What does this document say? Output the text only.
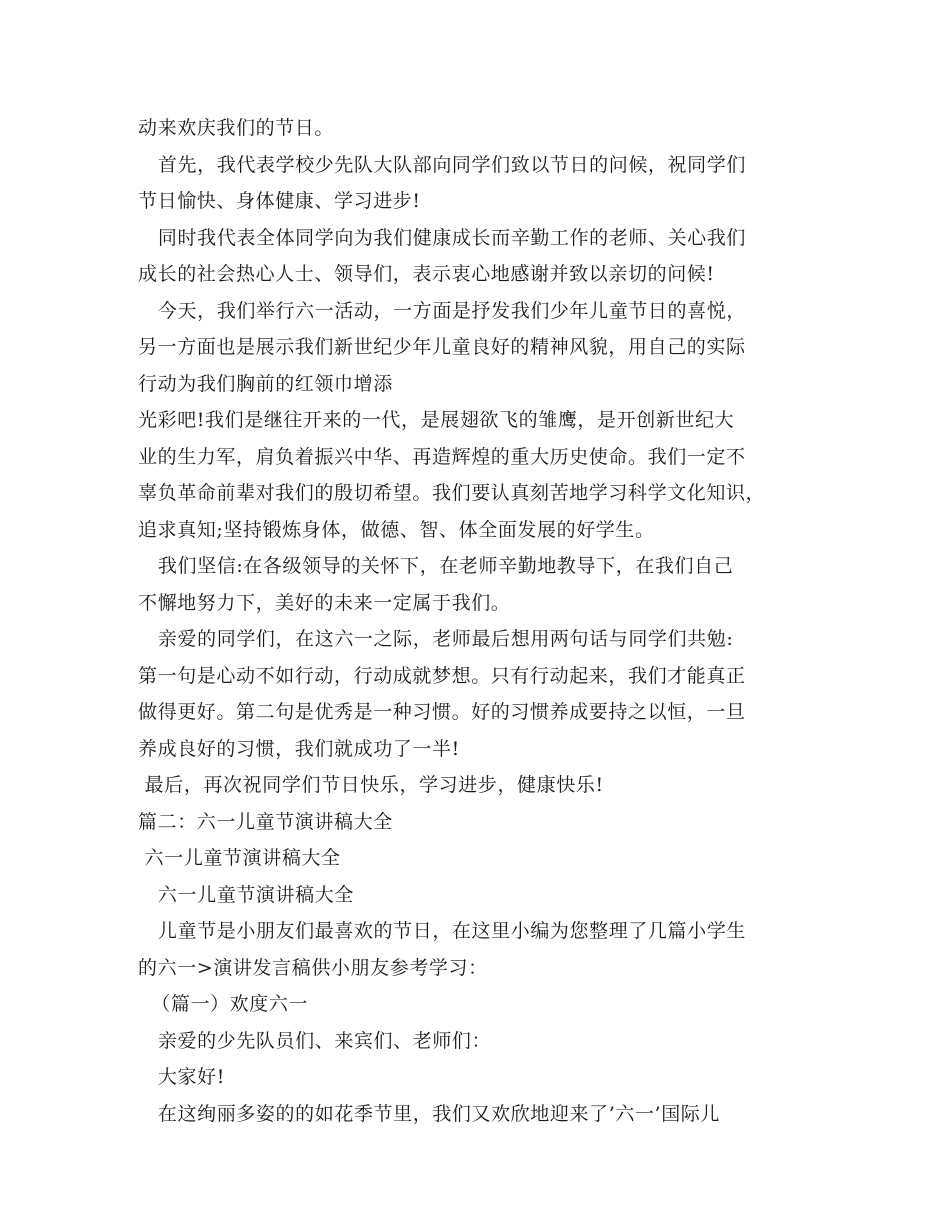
动来欢庆我们的节日。
首先，我代表学校少先队大队部向同学们致以节日的问候，祝同学们
节日愉快、身体健康、学习进步!
同时我代表全体同学向为我们健康成长而辛勤工作的老师、关心我们
成长的社会热心人士、领导们，表示衷心地感谢并致以亲切的问候!
今天，我们举行六一活动，一方面是抒发我们少年儿童节日的喜悦，
另一方面也是展示我们新世纪少年儿童良好的精神风貌，用自己的实际
行动为我们胸前的红领巾增添
光彩吧!我们是继往开来的一代，是展翅欲飞的雏鹰，是开创新世纪大
业的生力军，肩负着振兴中华、再造辉煌的重大历史使命。我们一定不
辜负革命前辈对我们的殷切希望。我们要认真刻苦地学习科学文化知识，
追求真知;坚持锻炼身体，做德、智、体全面发展的好学生。
我们坚信:在各级领导的关怀下，在老师辛勤地教导下，在我们自己
不懈地努力下，美好的未来一定属于我们。
亲爱的同学们，在这六一之际，老师最后想用两句话与同学们共勉:
第一句是心动不如行动，行动成就梦想。只有行动起来，我们才能真正
做得更好。第二句是优秀是一种习惯。好的习惯养成要持之以恒，一旦
养成良好的习惯，我们就成功了一半!
最后，再次祝同学们节日快乐，学习进步，健康快乐!
篇二：六一儿童节演讲稿大全
六一儿童节演讲稿大全
六一儿童节演讲稿大全
儿童节是小朋友们最喜欢的节日，在这里小编为您整理了几篇小学生
的六一>演讲发言稿供小朋友参考学习：
（篇一）欢度六一
亲爱的少先队员们、来宾们、老师们：
大家好!
在这绚丽多姿的的如花季节里，我们又欢欣地迎来了’六一’国际儿
